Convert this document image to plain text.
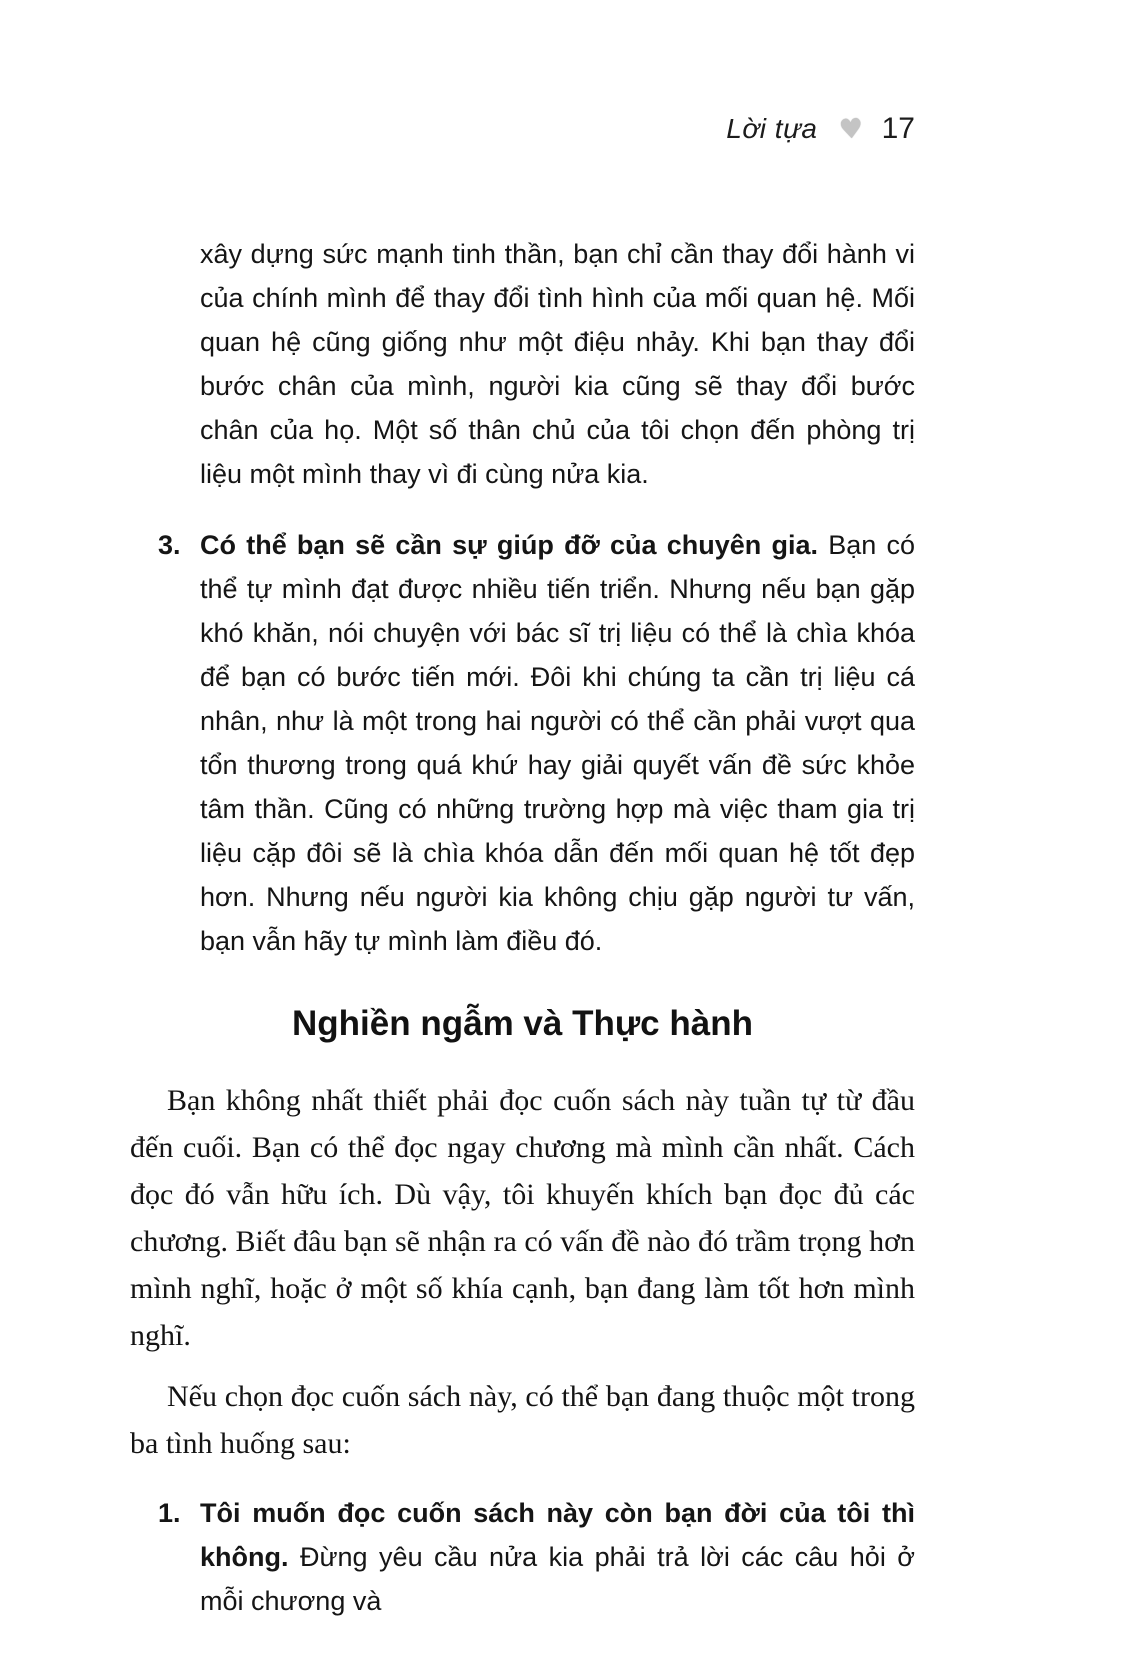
Lời tựa ♥ 17

xây dựng sức mạnh tinh thần, bạn chỉ cần thay đổi hành vi của chính mình để thay đổi tình hình của mối quan hệ. Mối quan hệ cũng giống như một điệu nhảy. Khi bạn thay đổi bước chân của mình, người kia cũng sẽ thay đổi bước chân của họ. Một số thân chủ của tôi chọn đến phòng trị liệu một mình thay vì đi cùng nửa kia.

3. Có thể bạn sẽ cần sự giúp đỡ của chuyên gia. Bạn có thể tự mình đạt được nhiều tiến triển. Nhưng nếu bạn gặp khó khăn, nói chuyện với bác sĩ trị liệu có thể là chìa khóa để bạn có bước tiến mới. Đôi khi chúng ta cần trị liệu cá nhân, như là một trong hai người có thể cần phải vượt qua tổn thương trong quá khứ hay giải quyết vấn đề sức khỏe tâm thần. Cũng có những trường hợp mà việc tham gia trị liệu cặp đôi sẽ là chìa khóa dẫn đến mối quan hệ tốt đẹp hơn. Nhưng nếu người kia không chịu gặp người tư vấn, bạn vẫn hãy tự mình làm điều đó.
Nghiền ngẫm và Thực hành

Bạn không nhất thiết phải đọc cuốn sách này tuần tự từ đầu đến cuối. Bạn có thể đọc ngay chương mà mình cần nhất. Cách đọc đó vẫn hữu ích. Dù vậy, tôi khuyến khích bạn đọc đủ các chương. Biết đâu bạn sẽ nhận ra có vấn đề nào đó trầm trọng hơn mình nghĩ, hoặc ở một số khía cạnh, bạn đang làm tốt hơn mình nghĩ.

Nếu chọn đọc cuốn sách này, có thể bạn đang thuộc một trong ba tình huống sau:

1. Tôi muốn đọc cuốn sách này còn bạn đời của tôi thì không. Đừng yêu cầu nửa kia phải trả lời các câu hỏi ở mỗi chương và
